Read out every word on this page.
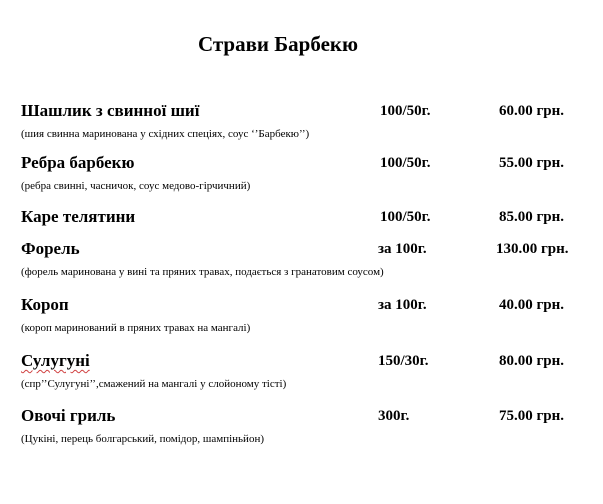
Страви Барбекю
Шашлик з свинної шиї	100/50г.	60.00 грн.
(шия свинна маринована у східних спеціях, соус ‘’Барбекю’’)
Ребра барбекю	100/50г.	55.00 грн.
(ребра свинні, часничок, соус медово-гірчичний)
Каре телятини	100/50г.	85.00 грн.
Форель	за 100г.	130.00 грн.
(форель маринована у вині та пряних травах, подається з гранатовим соусом)
Короп	за 100г.	40.00 грн.
(короп маринований в пряних травах на мангалі)
Сулугуні	150/30г.	80.00 грн.
(спр’’Сулугуні’’,смажений на мангалі у слойоному тісті)
Овочі гриль	300г.	75.00 грн.
(Цукіні, перець болгарський, помідор, шампіньйон)
